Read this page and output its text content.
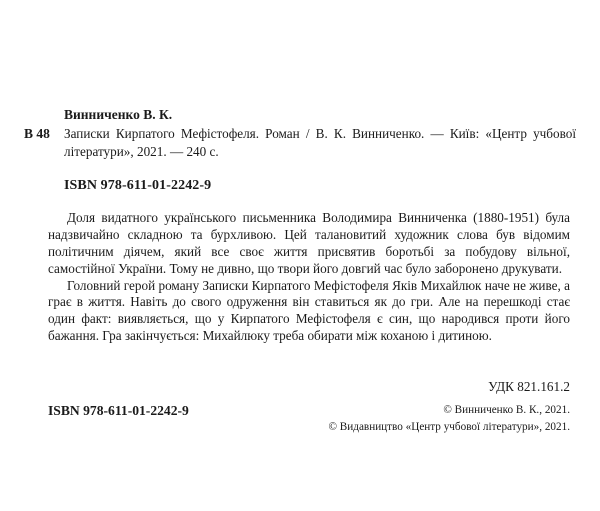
Винниченко В. К.
В 48	Записки Кирпатого Мефістофеля. Роман / В. К. Винниченко. — Київ: «Центр учбової літератури», 2021. — 240 с.
ISBN 978-611-01-2242-9

Доля видатного українського письменника Володимира Винниченка (1880-1951) була надзвичайно складною та бурхливою. Цей талановитий художник слова був відомим політичним діячем, який все своє життя присвятив боротьбі за побудову вільної, самостійної України. Тому не дивно, що твори його довгий час було заборонено друкувати.

Головний герой роману Записки Кирпатого Мефістофеля Яків Михайлюк наче не живе, а грає в життя. Навіть до свого одруження він ставиться як до гри. Але на перешкоді стає один факт: виявляється, що у Кирпатого Мефістофеля є син, що народився проти його бажання. Гра закінчується: Михайлюку треба обирати між коханою і дитиною.

УДК 821.161.2
ISBN 978-611-01-2242-9	© Винниченко В. К., 2021.
© Видавництво «Центр учбової літератури», 2021.
